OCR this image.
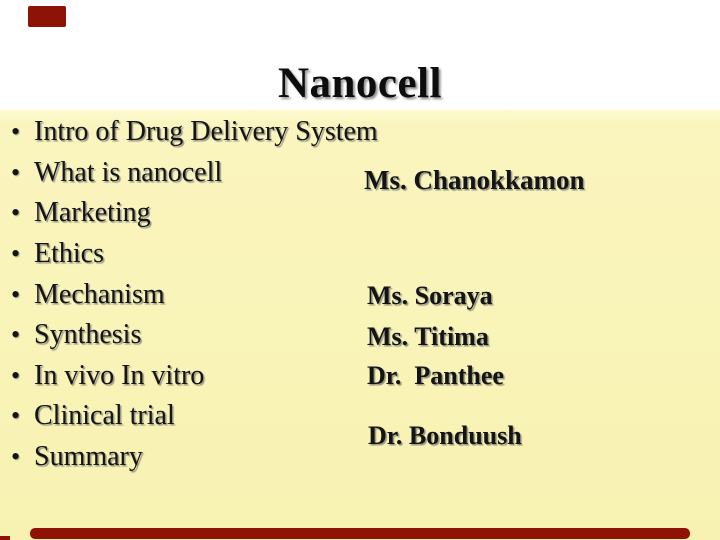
Nanocell
• Intro of Drug Delivery System
• What is nanocell
• Marketing
• Ethics
• Mechanism
• Synthesis
• In vivo In vitro
• Clinical trial
• Summary
Ms. Chanokkamon
Ms. Soraya
Ms. Titima
Dr.  Panthee
Dr. Bonduush
